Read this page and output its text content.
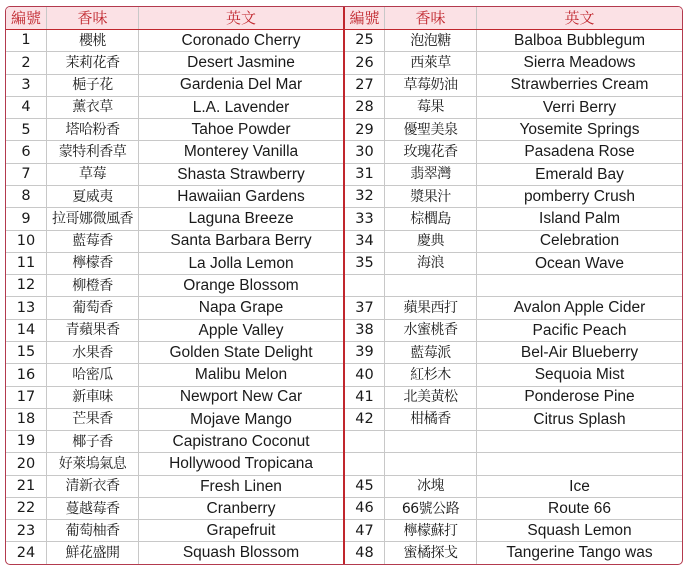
編號	香味	英文	編號	香味	英文
1	櫻桃	Coronado Cherry	25	泡泡糖	Balboa Bubblegum
2	茉莉花香	Desert Jasmine	26	西萊草	Sierra Meadows
3	梔子花	Gardenia Del Mar	27	草莓奶油	Strawberries Cream
4	薰衣草	L.A. Lavender	28	莓果	Verri Berry
5	塔哈粉香	Tahoe Powder	29	優聖美泉	Yosemite Springs
6	蒙特利香草	Monterey Vanilla	30	玫瑰花香	Pasadena Rose
7	草莓	Shasta Strawberry	31	翡翠灣	Emerald Bay
8	夏威夷	Hawaiian Gardens	32	漿果汁	pomberry Crush
9	拉哥娜微風香	Laguna Breeze	33	棕櫚島	Island Palm
10	藍莓香	Santa Barbara Berry	34	慶典	Celebration
11	檸檬香	La Jolla Lemon	35	海浪	Ocean Wave
12	柳橙香	Orange Blossom			
13	葡萄香	Napa Grape	37	蘋果西打	Avalon Apple Cider
14	青蘋果香	Apple Valley	38	水蜜桃香	Pacific Peach
15	水果香	Golden State Delight	39	藍莓派	Bel-Air Blueberry
16	哈密瓜	Malibu Melon	40	紅杉木	Sequoia Mist
17	新車味	Newport New Car	41	北美黃松	Ponderose Pine
18	芒果香	Mojave Mango	42	柑橘香	Citrus Splash
19	椰子香	Capistrano Coconut			
20	好萊塢氣息	Hollywood Tropicana			
21	清新衣香	Fresh Linen	45	冰塊	Ice
22	蔓越莓香	Cranberry	46	66號公路	Route 66
23	葡萄柚香	Grapefruit	47	檸檬蘇打	Squash Lemon
24	鮮花盛開	Squash Blossom	48	蜜橘探戈	Tangerine Tango was
